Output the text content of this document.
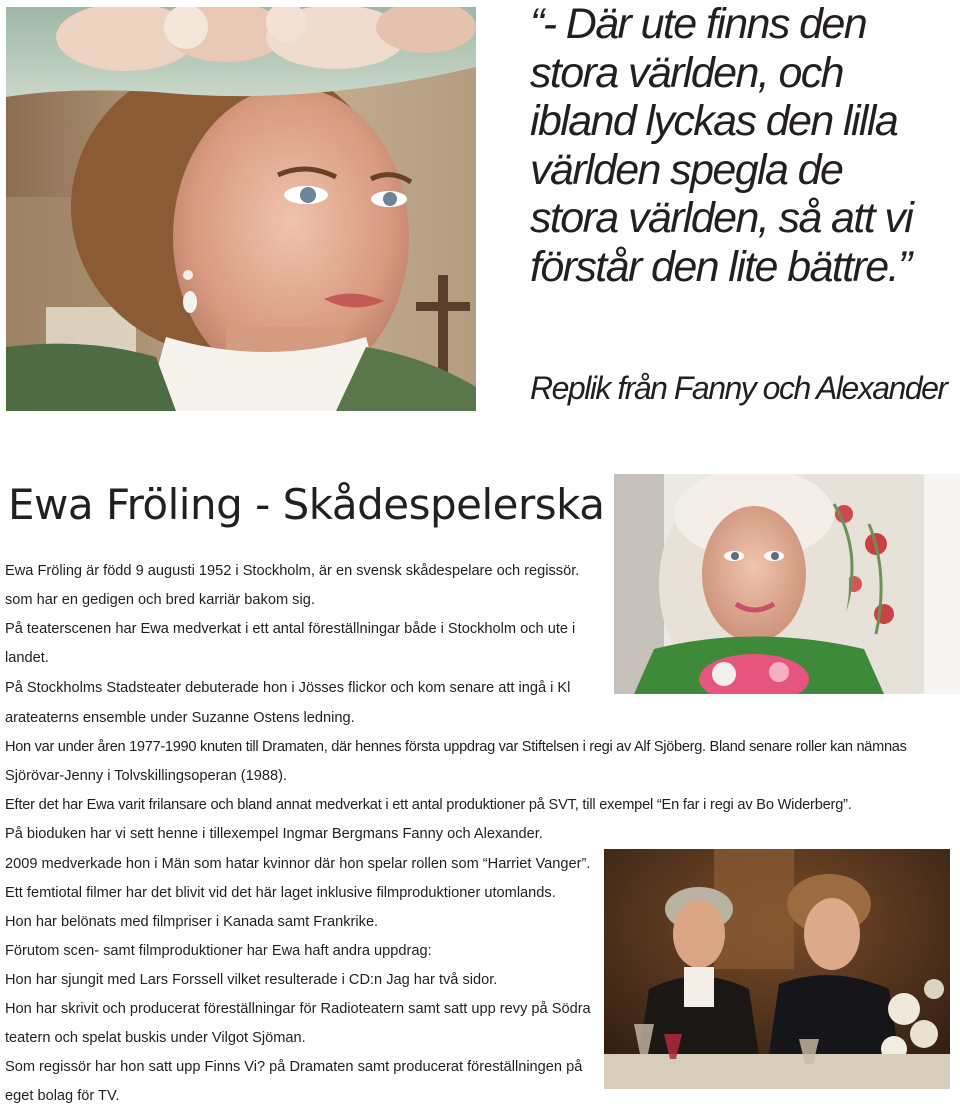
“- Där ute finns den
stora världen, och
ibland lyckas den lilla
världen spegla de
stora världen, så att vi
förstår den lite bättre.”
Replik från Fanny och Alexander
Ewa Fröling - Skådespelerska

Ewa Fröling är född 9 augusti 1952 i Stockholm, är en svensk skådespelare och regissör.

som har en gedigen och bred karriär bakom sig.

På teaterscenen har Ewa medverkat i ett antal föreställningar både i Stockholm och ute i

landet.

På Stockholms Stadsteater debuterade hon i Jösses flickor och kom senare att ingå i Kl

arateaterns ensemble under Suzanne Ostens ledning.

Hon var under åren 1977-1990 knuten till Dramaten, där hennes första uppdrag var Stiftelsen i regi av Alf Sjöberg. Bland senare roller kan nämnas

Sjörövar-Jenny i Tolvskillingsoperan (1988).

Efter det har Ewa varit frilansare och bland annat medverkat i ett antal produktioner på SVT, till exempel “En far i regi av Bo Widerberg”.

På bioduken har vi sett henne i tillexempel Ingmar Bergmans Fanny och Alexander.

2009 medverkade hon i Män som hatar kvinnor där hon spelar rollen som “Harriet Vanger”.

Ett femtiotal filmer har det blivit vid det här laget inklusive filmproduktioner utomlands.

Hon har belönats med filmpriser i Kanada samt Frankrike.

Förutom scen- samt filmproduktioner har Ewa haft andra uppdrag:

Hon har sjungit med Lars Forssell vilket resulterade i CD:n Jag har två sidor.

Hon har skrivit och producerat föreställningar för Radioteatern samt satt upp revy på Södra

teatern och spelat buskis under Vilgot Sjöman.

Som regissör har hon satt upp Finns Vi? på Dramaten samt producerat föreställningen på

eget bolag för TV.
